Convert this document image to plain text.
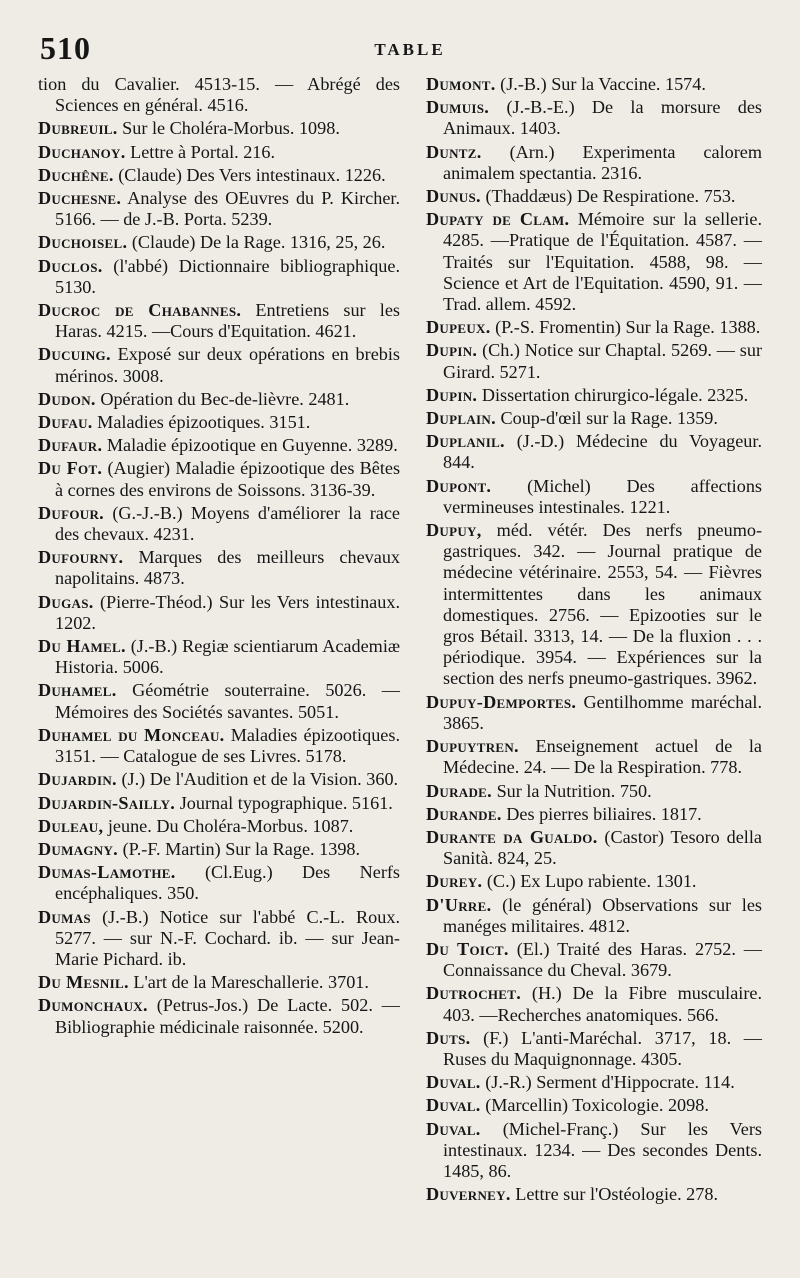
510	TABLE
tion du Cavalier. 4513-15. — Abrégé des Sciences en général. 4516.
Dubreuil. Sur le Choléra-Morbus. 1098.
Duchanoy. Lettre à Portal. 216.
Duchêne. (Claude) Des Vers intestinaux. 1226.
Duchesne. Analyse des OEuvres du P. Kircher. 5166. — de J.-B. Porta. 5239.
Duchoisel. (Claude) De la Rage. 1316, 25, 26.
Duclos. (l'abbé) Dictionnaire bibliographique. 5130.
Ducroc de Chabannes. Entretiens sur les Haras. 4215. —Cours d'Equitation. 4621.
Ducuing. Exposé sur deux opérations en brebis mérinos. 3008.
Dudon. Opération du Bec-de-lièvre. 2481.
Dufau. Maladies épizootiques. 3151.
Dufaur. Maladie épizootique en Guyenne. 3289.
Du Fot. (Augier) Maladie épizootique des Bêtes à cornes des environs de Soissons. 3136-39.
Dufour. (G.-J.-B.) Moyens d'améliorer la race des chevaux. 4231.
Dufourny. Marques des meilleurs chevaux napolitains. 4873.
Dugas. (Pierre-Théod.) Sur les Vers intestinaux. 1202.
Du Hamel. (J.-B.) Regiæ scientiarum Academiæ Historia. 5006.
Duhamel. Géométrie souterraine. 5026. — Mémoires des Sociétés savantes. 5051.
Duhamel du Monceau. Maladies épizootiques. 3151. — Catalogue de ses Livres. 5178.
Dujardin. (J.) De l'Audition et de la Vision. 360.
Dujardin-Sailly. Journal typographique. 5161.
Duleau, jeune. Du Choléra-Morbus. 1087.
Dumagny. (P.-F. Martin) Sur la Rage. 1398.
Dumas-Lamothe. (Cl.Eug.) Des Nerfs encéphaliques. 350.
Dumas (J.-B.) Notice sur l'abbé C.-L. Roux. 5277. — sur N.-F. Cochard. ib. — sur Jean-Marie Pichard. ib.
Du Mesnil. L'art de la Mareschallerie. 3701.
Dumonchaux. (Petrus-Jos.) De Lacte. 502. —Bibliographie médicinale raisonnée. 5200.
Dumont. (J.-B.) Sur la Vaccine. 1574.
Dumuis. (J.-B.-E.) De la morsure des Animaux. 1403.
Duntz. (Arn.) Experimenta calorem animalem spectantia. 2316.
Dunus. (Thaddæus) De Respiratione. 753.
Dupaty de Clam. Mémoire sur la sellerie. 4285. —Pratique de l'Équitation. 4587. —Traités sur l'Equitation. 4588, 98. —Science et Art de l'Equitation. 4590, 91. —Trad. allem. 4592.
Dupeux. (P.-S. Fromentin) Sur la Rage. 1388.
Dupin. (Ch.) Notice sur Chaptal. 5269. — sur Girard. 5271.
Dupin. Dissertation chirurgico-légale. 2325.
Duplain. Coup-d'œil sur la Rage. 1359.
Duplanil. (J.-D.) Médecine du Voyageur. 844.
Dupont. (Michel) Des affections vermineuses intestinales. 1221.
Dupuy, méd. vétér. Des nerfs pneumo-gastriques. 342. — Journal pratique de médecine vétérinaire. 2553, 54. — Fièvres intermittentes dans les animaux domestiques. 2756. — Epizooties sur le gros Bétail. 3313, 14. — De la fluxion . . . périodique. 3954. — Expériences sur la section des nerfs pneumo-gastriques. 3962.
Dupuy-Demportes. Gentilhomme maréchal. 3865.
Dupuytren. Enseignement actuel de la Médecine. 24. — De la Respiration. 778.
Durade. Sur la Nutrition. 750.
Durande. Des pierres biliaires. 1817.
Durante da Gualdo. (Castor) Tesoro della Sanità. 824, 25.
Durey. (C.) Ex Lupo rabiente. 1301.
D'Urre. (le général) Observations sur les manéges militaires. 4812.
Du Toict. (El.) Traité des Haras. 2752. —Connaissance du Cheval. 3679.
Dutrochet. (H.) De la Fibre musculaire. 403. —Recherches anatomiques. 566.
Duts. (F.) L'anti-Maréchal. 3717, 18. — Ruses du Maquignonnage. 4305.
Duval. (J.-R.) Serment d'Hippocrate. 114.
Duval. (Marcellin) Toxicologie. 2098.
Duval. (Michel-Franç.) Sur les Vers intestinaux. 1234. — Des secondes Dents. 1485, 86.
Duverney. Lettre sur l'Ostéologie. 278.
